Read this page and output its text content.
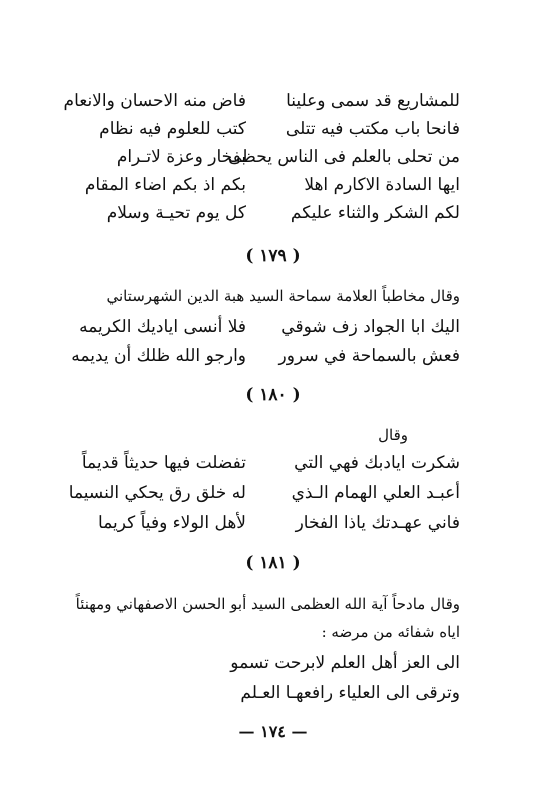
للمشاريع قد سمى وعلينا
فاض منه الاحسان والانعام
فانحا باب مكتب فيه تتلى
كتب للعلوم فيه نظام
من تحلى بالعلم فى الناس يحظى
بفخار وعزة لاتـرام
ايها السادة الاكارم اهلا
بكم اذ بكم اضاء المقام
لكم الشكر والثناء عليكم
كل يوم تحيـة وسلام
( ١٧٩ )
وقال مخاطباً العلامة سماحة السيد هبة الدين الشهرستاني
اليك ابا الجواد زف شوقي
فلا أنسى اياديك الكريمه
فعش بالسماحة في سرور
وارجو الله ظلك أن يديمه
( ١٨٠ )
وقال
شكرت ايادبك فهي التي
تفضلت فيها حديثاً قديماً
أعبـد العلي الهمام الـذي
له خلق رق يحكي النسيما
فاني عهـدتك ياذا الفخار
لأهل الولاء وفياً كريما
( ١٨١ )
وقال مادحاً آية الله العظمى السيد أبو الحسن الاصفهاني ومهنئاً
اياه شفائه من مرضه :
الى العز أهل العلم لابرحت تسمو
وترقى الى العلياء رافعهـا العـلم
— ١٧٤ —
